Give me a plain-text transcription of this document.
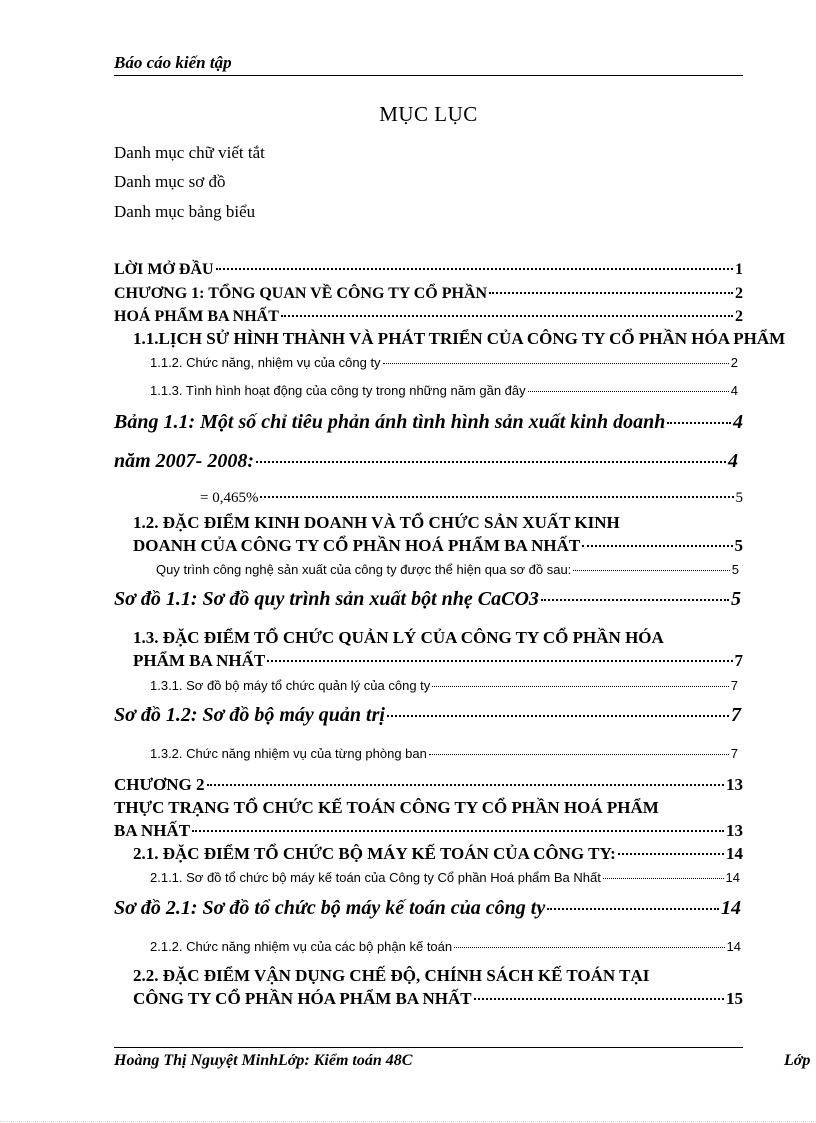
Báo cáo kiến tập
MỤC LỤC
Danh mục chữ viết tắt
Danh mục sơ đồ
Danh mục bảng biểu
LỜI MỞ ĐẦU	1
CHƯƠNG 1: TỔNG QUAN VỀ CÔNG TY CỔ PHẦN	2
HOÁ PHẨM BA NHẤT	2
1.1.LỊCH SỬ HÌNH THÀNH VÀ PHÁT TRIỂN CỦA CÔNG TY CỔ PHẦN HÓA PHẨM
1.1.2. Chức năng, nhiệm vụ của công ty	2
1.1.3. Tình hình hoạt động của công ty trong những năm gần đây	4
Bảng 1.1: Một số chỉ tiêu phản ánh tình hình sản xuất kinh doanh	4
năm 2007- 2008:	4
= 0,465%	5
1.2. ĐẶC ĐIỂM KINH DOANH VÀ TỔ CHỨC SẢN XUẤT KINH
DOANH CỦA CÔNG TY CỔ PHẦN HOÁ PHẨM BA NHẤT	5
Quy trình công nghệ sản xuất của công ty được thể hiện qua sơ đồ sau:	5
Sơ đồ 1.1: Sơ đồ quy trình sản xuất bột nhẹ CaCO3	5
1.3. ĐẶC ĐIỂM TỔ CHỨC QUẢN LÝ CỦA CÔNG TY CỔ PHẦN HÓA
PHẨM BA NHẤT	7
1.3.1. Sơ đồ bộ máy tổ chức quản lý của công ty	7
Sơ đồ 1.2: Sơ đồ bộ máy quản trị	7
1.3.2. Chức năng nhiệm vụ của từng phòng ban	7
CHƯƠNG 2	13
THỰC TRẠNG TỔ CHỨC KẾ TOÁN CÔNG TY CỔ PHẦN HOÁ PHẨM
BA NHẤT	13
2.1. ĐẶC ĐIỂM TỔ CHỨC BỘ MÁY KẾ TOÁN CỦA CÔNG TY:	14
2.1.1. Sơ đồ tổ chức bộ máy kế toán của Công ty Cổ phần Hoá phẩm Ba Nhất	14
Sơ đồ 2.1: Sơ đồ tổ chức bộ máy kế toán của công ty	14
2.1.2. Chức năng nhiệm vụ của các bộ phận kế toán	14
2.2. ĐẶC ĐIỂM VẬN DỤNG CHẾ ĐỘ, CHÍNH SÁCH KẾ TOÁN TẠI
CÔNG TY CỔ PHẦN HÓA PHẨM BA NHẤT	15
Hoàng Thị Nguyệt MinhLớp: Kiểm toán 48C	Lớp
